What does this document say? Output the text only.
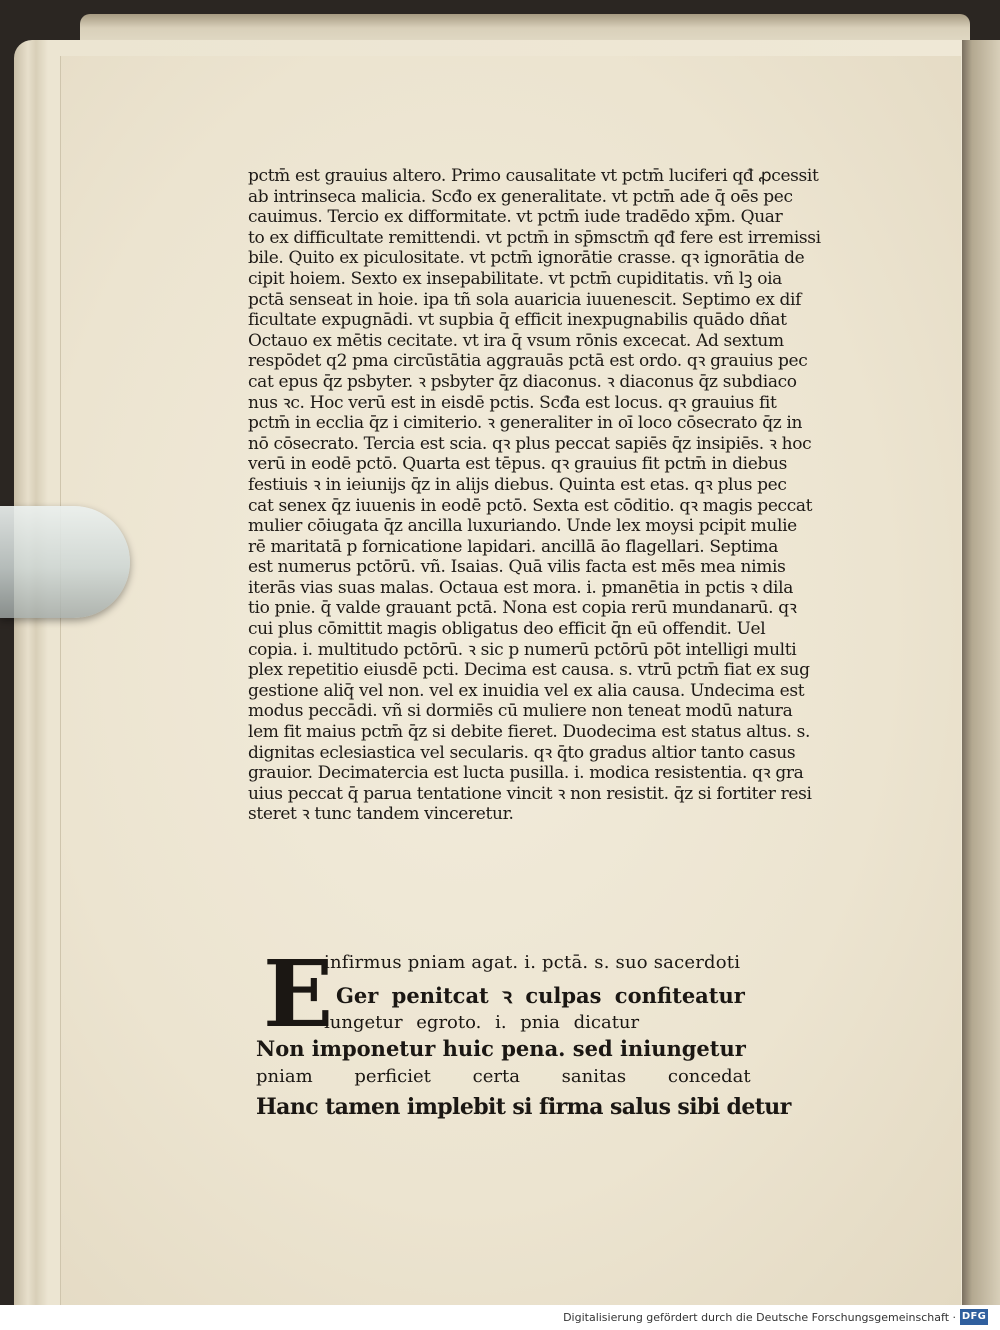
pctm̄ est grauius altero. Primo causalitate vt pctm̄ luciferi qđ ꝓcessit
ab intrinseca malicia. Scđo ex generalitate. vt pctm̄ ade q̄ oēs pec
cauimus. Tercio ex difformitate. vt pctm̄ iude tradēdo xp̄m. Quar
to ex difficultate remittendi. vt pctm̄ in sp̄msctm̄ qđ fere est irremissi
bile. Quito ex piculositate. vt pctm̄ ignorātie crasse. qꝛ ignorātia de
cipit hoiem. Sexto ex insepabilitate. vt pctm̄ cupiditatis. vñ lꝫ oia
pctā senseat in hoie. ipa tñ sola auaricia iuuenescit. Septimo ex dif
ficultate expugnādi. vt supbia q̄ efficit inexpugnabilis quādo dñat
Octauo ex mētis cecitate. vt ira q̄ vsum rōnis excecat. Ad sextum
respōdet q2 pma circūstātia aggrauās pctā est ordo. qꝛ grauius pec
cat epus q̄z psbyter. ꝛ psbyter q̄z diaconus. ꝛ diaconus q̄z subdiaco
nus ꝛc. Hoc verū est in eisdē pctis. Scđa est locus. qꝛ grauius fit
pctm̄ in ecclia q̄z i cimiterio. ꝛ generaliter in oī loco cōsecrato q̄z in
nō cōsecrato. Tercia est scia. qꝛ plus peccat sapiēs q̄z insipiēs. ꝛ hoc
verū in eodē pctō. Quarta est tēpus. qꝛ grauius fit pctm̄ in diebus
festiuis ꝛ in ieiunijs q̄z in alijs diebus. Quinta est etas. qꝛ plus pec
cat senex q̄z iuuenis in eodē pctō. Sexta est cōditio. qꝛ magis peccat
mulier cōiugata q̄z ancilla luxuriando. Unde lex moysi pcipit mulie
rē maritatā p fornicatione lapidari. ancillā āo flagellari. Septima
est numerus pctōrū. vñ. Isaias. Quā vilis facta est mēs mea nimis
iterās vias suas malas. Octaua est mora. i. pmanētia in pctis ꝛ dila
tio pnie. q̄ valde grauant pctā. Nona est copia rerū mundanarū. qꝛ
cui plus cōmittit magis obligatus deo efficit q̄n eū offendit. Uel
copia. i. multitudo pctōrū. ꝛ sic p numerū pctōrū pōt intelligi multi
plex repetitio eiusdē pcti. Decima est causa. s. vtrū pctm̄ fiat ex sug
gestione aliq̄ vel non. vel ex inuidia vel ex alia causa. Undecima est
modus peccādi. vñ si dormiēs cū muliere non teneat modū natura
lem fit maius pctm̄ q̄z si debite fieret. Duodecima est status altus. s.
dignitas eclesiastica vel secularis. qꝛ q̄to gradus altior tanto casus
grauior. Decimatercia est lucta pusilla. i. modica resistentia. qꝛ gra
uius peccat q̄ parua tentatione vincit ꝛ non resistit. q̄z si fortiter resi
steret ꝛ tunc tandem vinceretur.
E
infirmus pniam agat. i. pctā. s. suo sacerdoti
Ger penitcat ꝛ culpas confiteatur
iungetur egroto. i. pnia dicatur
Non imponetur huic pena. sed iniungetur
pniam perficiet certa sanitas concedat
Hanc tamen implebit si firma salus sibi detur
Digitalisierung gefördert durch die Deutsche Forschungsgemeinschaft · DFG
